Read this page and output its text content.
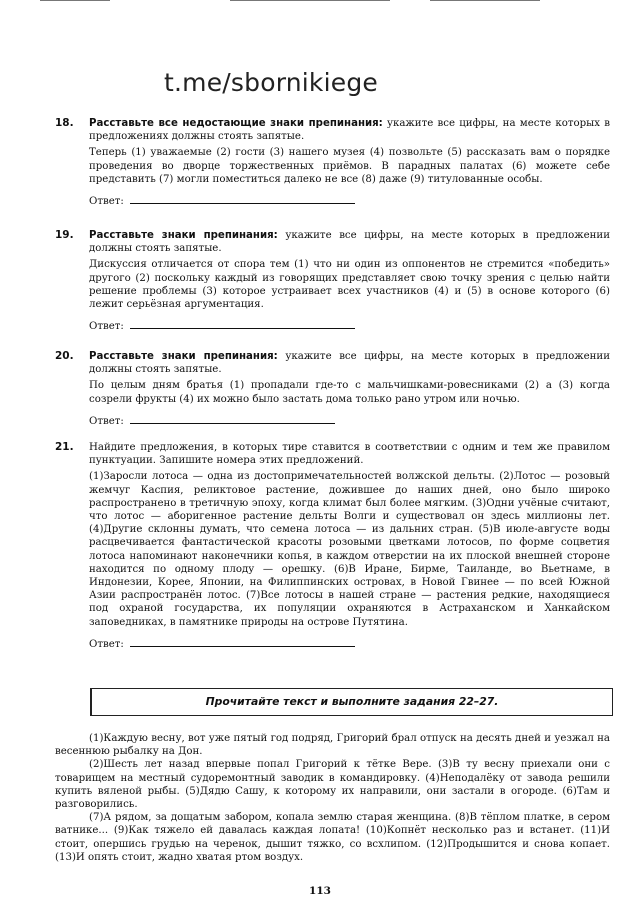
t.me/sbornikiege
18. Расставьте все недостающие знаки препинания: укажите все цифры, на месте которых в предложениях должны стоять запятые.
Теперь (1) уважаемые (2) гости (3) нашего музея (4) позвольте (5) рассказать вам о порядке проведения во дворце торжественных приёмов. В парадных палатах (6) можете себе представить (7) могли поместиться далеко не все (8) даже (9) титулованные особы.
Ответ:
19. Расставьте знаки препинания: укажите все цифры, на месте которых в предложении должны стоять запятые.
Дискуссия отличается от спора тем (1) что ни один из оппонентов не стремится «победить» другого (2) поскольку каждый из говорящих представляет свою точку зрения с целью найти решение проблемы (3) которое устраивает всех участников (4) и (5) в основе которого (6) лежит серьёзная аргументация.
Ответ:
20. Расставьте знаки препинания: укажите все цифры, на месте которых в предложении должны стоять запятые.
По целым дням братья (1) пропадали где-то с мальчишками-ровесниками (2) а (3) когда созрели фрукты (4) их можно было застать дома только рано утром или ночью.
Ответ:
21. Найдите предложения, в которых тире ставится в соответствии с одним и тем же правилом пунктуации. Запишите номера этих предложений.
(1)Заросли лотоса — одна из достопримечательностей волжской дельты. (2)Лотос — розовый жемчуг Каспия, реликтовое растение, дожившее до наших дней, оно было широко распространено в третичную эпоху, когда климат был более мягким. (3)Одни учёные считают, что лотос — аборигенное растение дельты Волги и существовал он здесь миллионы лет. (4)Другие склонны думать, что семена лотоса — из дальних стран. (5)В июле-августе воды расцвечивается фантастической красоты розовыми цветками лотосов, по форме соцветия лотоса напоминают наконечники копья, в каждом отверстии на их плоской внешней стороне находится по одному плоду — орешку. (6)В Иране, Бирме, Таиланде, во Вьетнаме, в Индонезии, Корее, Японии, на Филиппинских островах, в Новой Гвинее — по всей Южной Азии распространён лотос. (7)Все лотосы в нашей стране — растения редкие, находящиеся под охраной государства, их популяции охраняются в Астраханском и Ханкайском заповедниках, в памятнике природы на острове Путятина.
Ответ:
Прочитайте текст и выполните задания 22–27.

(1)Каждую весну, вот уже пятый год подряд, Григорий брал отпуск на десять дней и уезжал на весеннюю рыбалку на Дон.

(2)Шесть лет назад впервые попал Григорий к тётке Вере. (3)В ту весну приехали они с товарищем на местный судоремонтный заводик в командировку. (4)Неподалёку от завода решили купить вяленой рыбы. (5)Дядю Сашу, к которому их направили, они застали в огороде. (6)Там и разговорились.

(7)А рядом, за дощатым забором, копала землю старая женщина. (8)В тёплом платке, в сером ватнике... (9)Как тяжело ей давалась каждая лопата! (10)Копнёт несколько раз и встанет. (11)И стоит, опершись грудью на черенок, дышит тяжко, со всхлипом. (12)Продышится и снова копает. (13)И опять стоит, жадно хватая ртом воздух.

113
